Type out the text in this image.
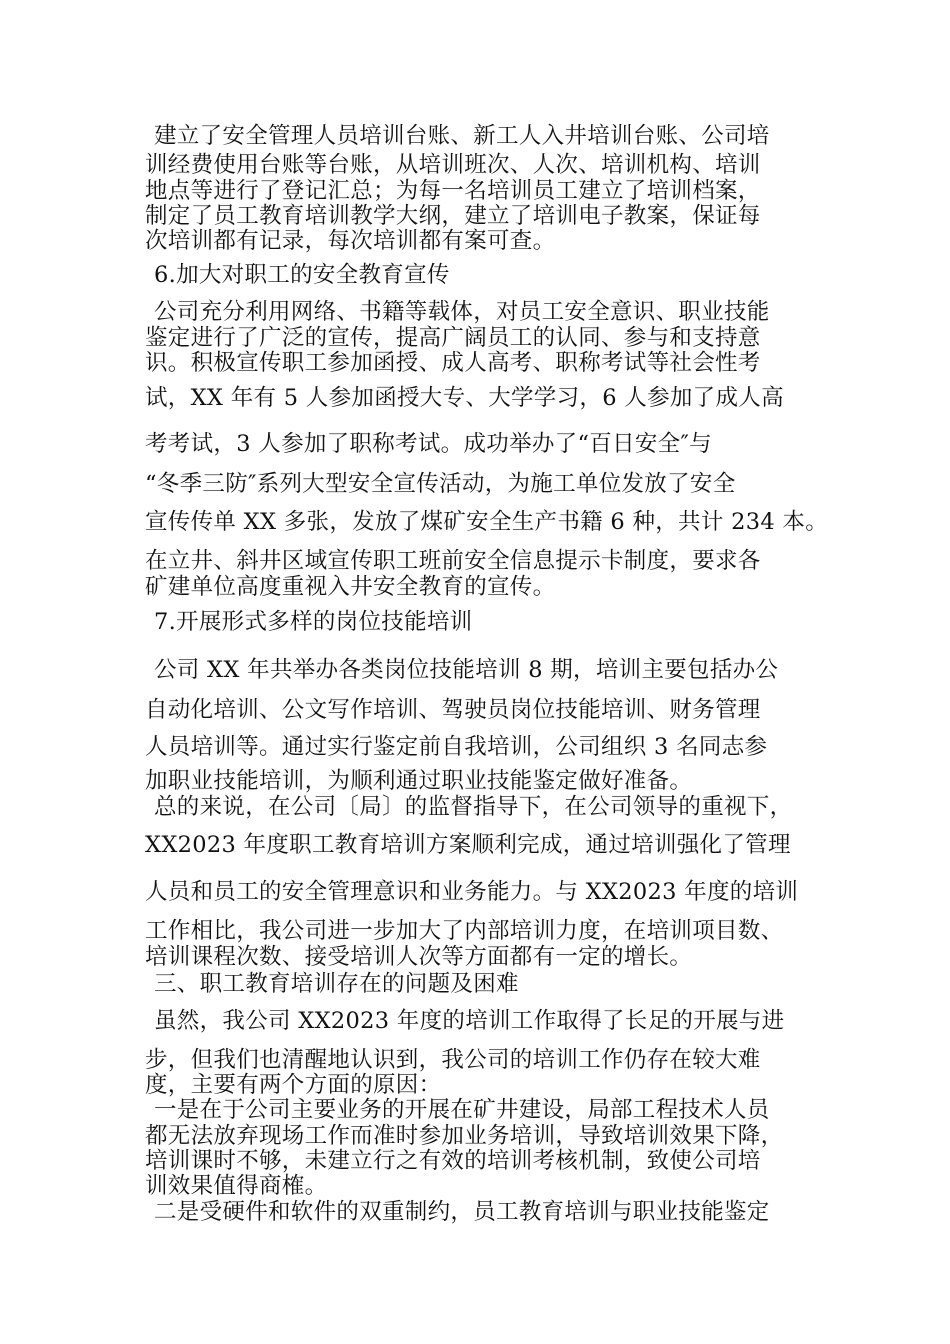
建立了安全管理人员培训台账、新工人入井培训台账、公司培
训经费使用台账等台账，从培训班次、人次、培训机构、培训
地点等进行了登记汇总；为每一名培训员工建立了培训档案，
制定了员工教育培训教学大纲，建立了培训电子教案，保证每
次培训都有记录，每次培训都有案可查。
6.加大对职工的安全教育宣传
公司充分利用网络、书籍等载体，对员工安全意识、职业技能
鉴定进行了广泛的宣传，提高广阔员工的认同、参与和支持意
识。积极宣传职工参加函授、成人高考、职称考试等社会性考
试，XX 年有 5 人参加函授大专、大学学习，6 人参加了成人高
考考试，3 人参加了职称考试。成功举办了“百日安全″与
“冬季三防″系列大型安全宣传活动，为施工单位发放了安全
宣传传单 XX 多张，发放了煤矿安全生产书籍 6 种，共计 234 本。
在立井、斜井区域宣传职工班前安全信息提示卡制度，要求各
矿建单位高度重视入井安全教育的宣传。
7.开展形式多样的岗位技能培训
公司 XX 年共举办各类岗位技能培训 8 期，培训主要包括办公
自动化培训、公文写作培训、驾驶员岗位技能培训、财务管理
人员培训等。通过实行鉴定前自我培训，公司组织 3 名同志参
加职业技能培训，为顺利通过职业技能鉴定做好准备。
总的来说，在公司〔局〕的监督指导下，在公司领导的重视下，
XX2023 年度职工教育培训方案顺利完成，通过培训强化了管理
人员和员工的安全管理意识和业务能力。与 XX2023 年度的培训
工作相比，我公司进一步加大了内部培训力度，在培训项目数、
培训课程次数、接受培训人次等方面都有一定的增长。
三、职工教育培训存在的问题及困难
虽然，我公司 XX2023 年度的培训工作取得了长足的开展与进
步，但我们也清醒地认识到，我公司的培训工作仍存在较大难
度，主要有两个方面的原因：
一是在于公司主要业务的开展在矿井建设，局部工程技术人员
都无法放弃现场工作而准时参加业务培训，导致培训效果下降，
培训课时不够，未建立行之有效的培训考核机制，致使公司培
训效果值得商榷。
二是受硬件和软件的双重制约，员工教育培训与职业技能鉴定
